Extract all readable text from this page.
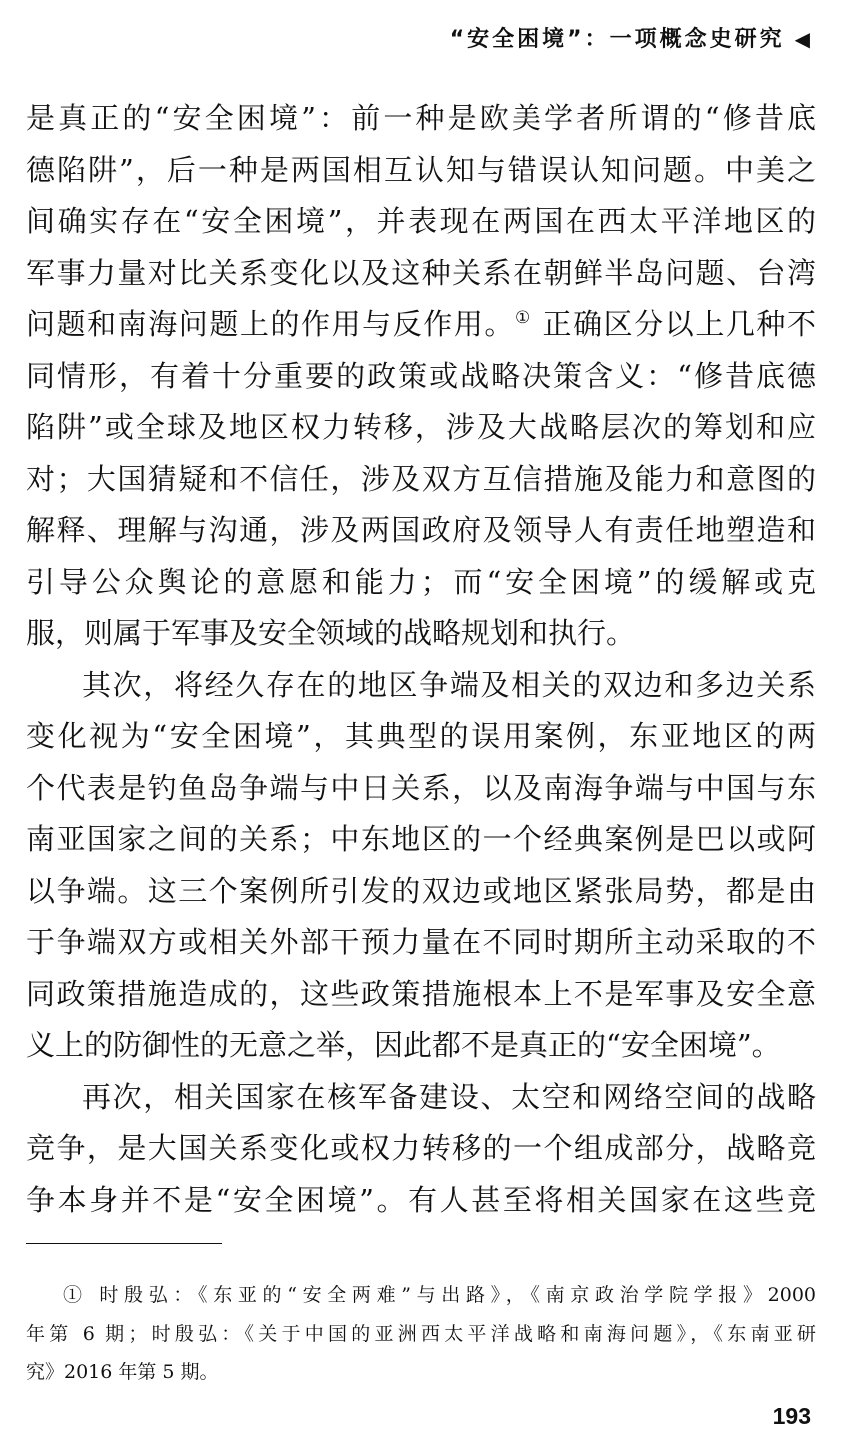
“安全困境”：一项概念史研究 ◀
是真正的“安全困境”：前一种是欧美学者所谓的“修昔底
德陷阱”，后一种是两国相互认知与错误认知问题。中美之
间确实存在“安全困境”，并表现在两国在西太平洋地区的
军事力量对比关系变化以及这种关系在朝鲜半岛问题、台湾
问题和南海问题上的作用与反作用。① 正确区分以上几种不
同情形，有着十分重要的政策或战略决策含义：“修昔底德
陷阱”或全球及地区权力转移，涉及大战略层次的筹划和应
对；大国猜疑和不信任，涉及双方互信措施及能力和意图的
解释、理解与沟通，涉及两国政府及领导人有责任地塑造和
引导公众舆论的意愿和能力；而“安全困境”的缓解或克
服，则属于军事及安全领域的战略规划和执行。
其次，将经久存在的地区争端及相关的双边和多边关系
变化视为“安全困境”，其典型的误用案例，东亚地区的两
个代表是钓鱼岛争端与中日关系，以及南海争端与中国与东
南亚国家之间的关系；中东地区的一个经典案例是巴以或阿
以争端。这三个案例所引发的双边或地区紧张局势，都是由
于争端双方或相关外部干预力量在不同时期所主动采取的不
同政策措施造成的，这些政策措施根本上不是军事及安全意
义上的防御性的无意之举，因此都不是真正的“安全困境”。
再次，相关国家在核军备建设、太空和网络空间的战略
竞争，是大国关系变化或权力转移的一个组成部分，战略竞
争本身并不是“安全困境”。有人甚至将相关国家在这些竞
① 时殷弘：《东亚的“安全两难”与出路》，《南京政治学院学报》2000
年第 6 期；时殷弘：《关于中国的亚洲西太平洋战略和南海问题》，《东南亚研
究》2016 年第 5 期。
193
